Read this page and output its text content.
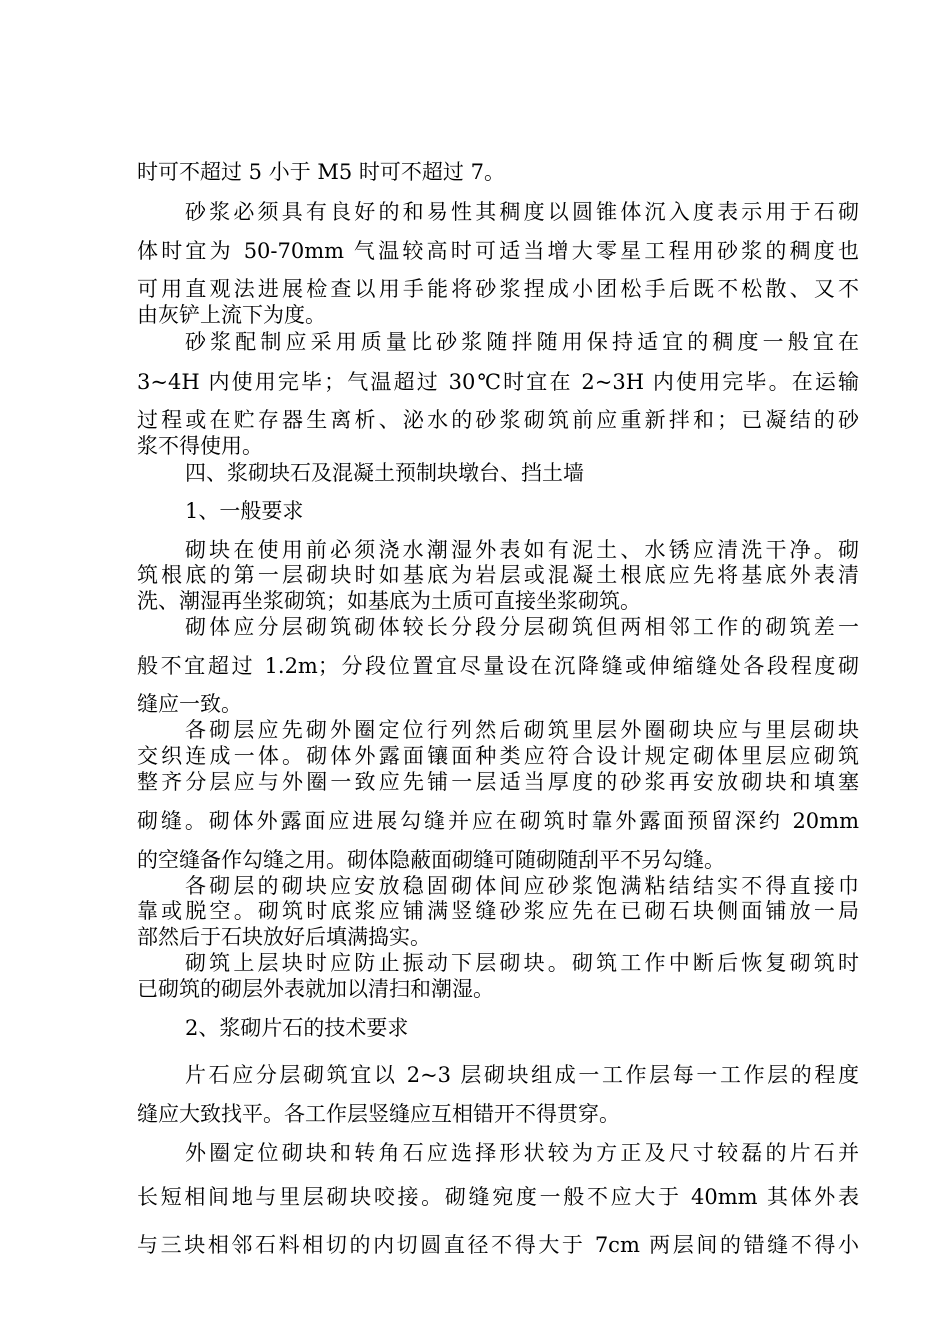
时可不超过 5 小于 M5 时可不超过 7。
砂浆必须具有良好的和易性其稠度以圆锥体沉入度表示用于石砌
体时宜为 50-70mm 气温较高时可适当增大零星工程用砂浆的稠度也
可用直观法进展检查以用手能将砂浆捏成小团松手后既不松散、又不
由灰铲上流下为度。
砂浆配制应采用质量比砂浆随拌随用保持适宜的稠度一般宜在
3~4H 内使用完毕；气温超过 30℃时宜在 2~3H 内使用完毕。在运输
过程或在贮存器生离析、泌水的砂浆砌筑前应重新拌和；已凝结的砂
浆不得使用。
四、浆砌块石及混凝土预制块墩台、挡土墙
1、一般要求
砌块在使用前必须浇水潮湿外表如有泥土、水锈应清洗干净。砌
筑根底的第一层砌块时如基底为岩层或混凝土根底应先将基底外表清
洗、潮湿再坐浆砌筑；如基底为土质可直接坐浆砌筑。
砌体应分层砌筑砌体较长分段分层砌筑但两相邻工作的砌筑差一
般不宜超过 1.2m；分段位置宜尽量设在沉降缝或伸缩缝处各段程度砌
缝应一致。
各砌层应先砌外圈定位行列然后砌筑里层外圈砌块应与里层砌块
交织连成一体。砌体外露面镶面种类应符合设计规定砌体里层应砌筑
整齐分层应与外圈一致应先铺一层适当厚度的砂浆再安放砌块和填塞
砌缝。砌体外露面应进展勾缝并应在砌筑时靠外露面预留深约 20mm
的空缝备作勾缝之用。砌体隐蔽面砌缝可随砌随刮平不另勾缝。
各砌层的砌块应安放稳固砌体间应砂浆饱满粘结结实不得直接巾
靠或脱空。砌筑时底浆应铺满竖缝砂浆应先在已砌石块侧面铺放一局
部然后于石块放好后填满捣实。
砌筑上层块时应防止振动下层砌块。砌筑工作中断后恢复砌筑时
已砌筑的砌层外表就加以清扫和潮湿。
2、浆砌片石的技术要求
片石应分层砌筑宜以 2~3 层砌块组成一工作层每一工作层的程度
缝应大致找平。各工作层竖缝应互相错开不得贯穿。
外圈定位砌块和转角石应选择形状较为方正及尺寸较磊的片石并
长短相间地与里层砌块咬接。砌缝宛度一般不应大于 40mm 其体外表
与三块相邻石料相切的内切圆直径不得大于 7cm 两层间的错缝不得小
